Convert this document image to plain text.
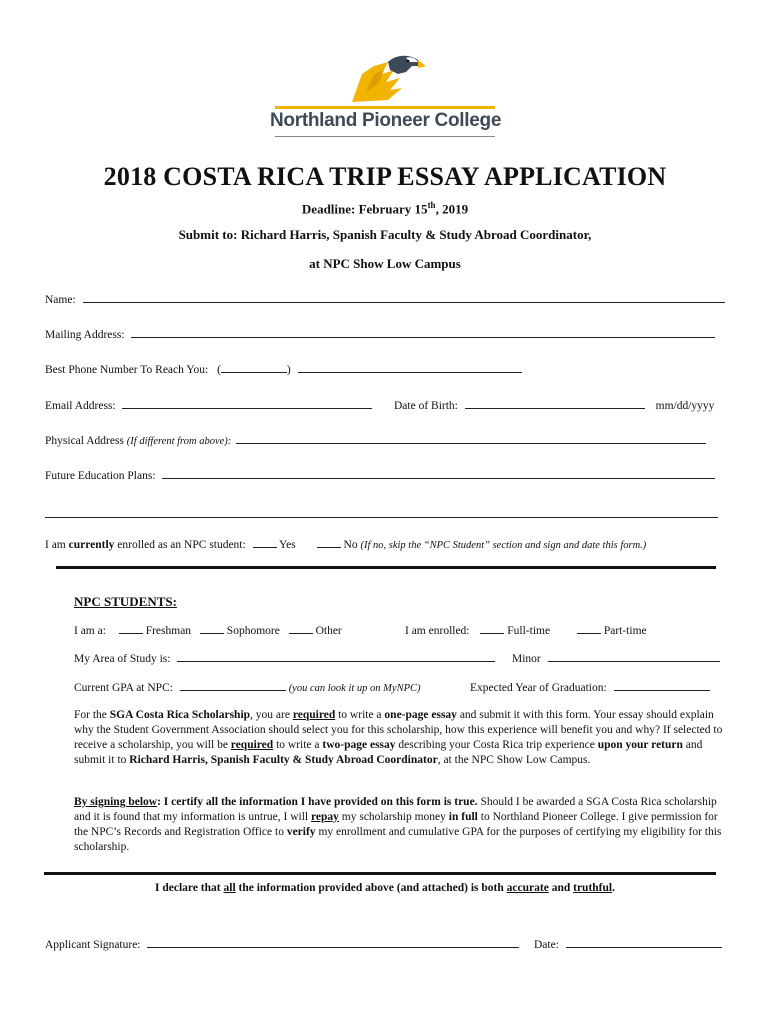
Northland Pioneer College
2018 COSTA RICA TRIP ESSAY APPLICATION
Deadline: February 15th, 2019
Submit to: Richard Harris, Spanish Faculty & Study Abroad Coordinator,
at NPC Show Low Campus
Name:
Mailing Address:
Best Phone Number To Reach You: (	)
Email Address:	Date of Birth:	mm/dd/yyyy
Physical Address (If different from above):
Future Education Plans:
I am currently enrolled as an NPC student:	Yes	No (If no, skip the “NPC Student” section and sign and date this form.)
NPC STUDENTS:
I am a:	Freshman	Sophomore	Other	I am enrolled:	Full-time	Part-time
My Area of Study is:	Minor
Current GPA at NPC:	(you can look it up on MyNPC)	Expected Year of Graduation:
For the SGA Costa Rica Scholarship, you are required to write a one-page essay and submit it with this form. Your essay should explain why the Student Government Association should select you for this scholarship, how this experience will benefit you and why? If selected to receive a scholarship, you will be required to write a two-page essay describing your Costa Rica trip experience upon your return and submit it to Richard Harris, Spanish Faculty & Study Abroad Coordinator, at the NPC Show Low Campus.
By signing below: I certify all the information I have provided on this form is true. Should I be awarded a SGA Costa Rica scholarship and it is found that my information is untrue, I will repay my scholarship money in full to Northland Pioneer College. I give permission for the NPC’s Records and Registration Office to verify my enrollment and cumulative GPA for the purposes of certifying my eligibility for this scholarship.
I declare that all the information provided above (and attached) is both accurate and truthful.
Applicant Signature:	Date:
